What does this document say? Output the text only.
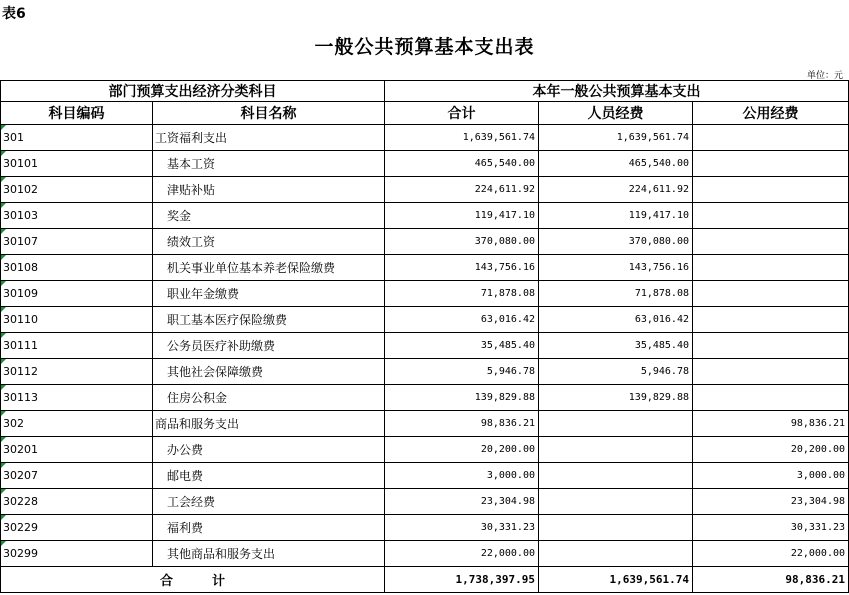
表6
一般公共预算基本支出表
单位：元
部门预算支出经济分类科目		本年一般公共预算基本支出		
科目编码	科目名称	合计	人员经费	公用经费
301	工资福利支出	1,639,561.74	1,639,561.74	
30101	基本工资	465,540.00	465,540.00	
30102	津贴补贴	224,611.92	224,611.92	
30103	奖金	119,417.10	119,417.10	
30107	绩效工资	370,080.00	370,080.00	
30108	机关事业单位基本养老保险缴费	143,756.16	143,756.16	
30109	职业年金缴费	71,878.08	71,878.08	
30110	职工基本医疗保险缴费	63,016.42	63,016.42	
30111	公务员医疗补助缴费	35,485.40	35,485.40	
30112	其他社会保障缴费	5,946.78	5,946.78	
30113	住房公积金	139,829.88	139,829.88	
302	商品和服务支出	98,836.21		98,836.21
30201	办公费	20,200.00		20,200.00
30207	邮电费	3,000.00		3,000.00
30228	工会经费	23,304.98		23,304.98
30229	福利费	30,331.23		30,331.23
30299	其他商品和服务支出	22,000.00		22,000.00
合　　　计		1,738,397.95	1,639,561.74	98,836.21
